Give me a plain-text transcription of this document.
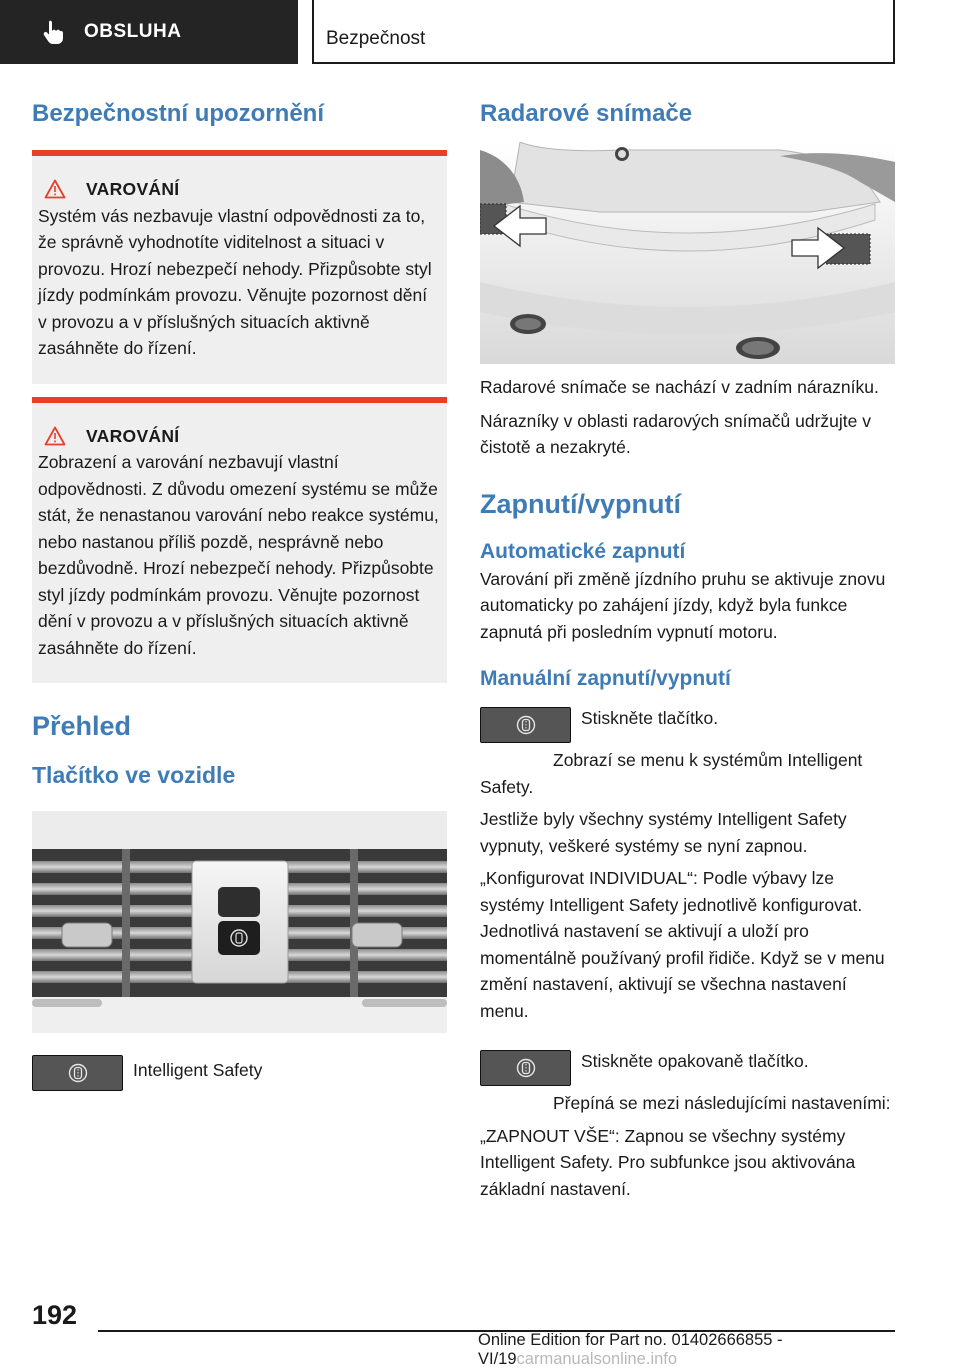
OBSLUHA	Bezpečnost
Bezpečnostní upozornění
VAROVÁNÍ
Systém vás nezbavuje vlastní odpovědnosti za to, že správně vyhodnotíte viditelnost a situaci v provozu. Hrozí nebezpečí nehody. Přizpůsobte styl jízdy podmínkám provozu. Věnujte pozornost dění v provozu a v příslušných situacích aktivně zasáhněte do řízení.
VAROVÁNÍ
Zobrazení a varování nezbavují vlastní odpovědnosti. Z důvodu omezení systému se může stát, že nenastanou varování nebo reakce systému, nebo nastanou příliš pozdě, nesprávně nebo bezdůvodně. Hrozí nebezpečí nehody. Přizpůsobte styl jízdy podmínkám provozu. Věnujte pozornost dění v provozu a v příslušných situacích aktivně zasáhněte do řízení.
Přehled
Tlačítko ve vozidle

Intelligent Safety

Radarové snímače

Radarové snímače se nachází v zadním nárazníku.

Nárazníky v oblasti radarových snímačů udržujte v čistotě a nezakryté.

Zapnutí/vypnutí
Automatické zapnutí

Varování při změně jízdního pruhu se aktivuje znovu automaticky po zahájení jízdy, když byla funkce zapnutá při posledním vypnutí motoru.

Manuální zapnutí/vypnutí

Stiskněte tlačítko.

Zobrazí se menu k systémům Intelligent Safety.

Jestliže byly všechny systémy Intelligent Safety vypnuty, veškeré systémy se nyní zapnou.

„Konfigurovat INDIVIDUAL“: Podle výbavy lze systémy Intelligent Safety jednotlivě konfigurovat. Jednotlivá nastavení se aktivují a uloží pro momentálně používaný profil řidiče. Když se v menu změní nastavení, aktivují se všechna nastavení menu.

Stiskněte opakovaně tlačítko.

Přepíná se mezi následujícími nastaveními:

„ZAPNOUT VŠE“: Zapnou se všechny systémy Intelligent Safety. Pro subfunkce jsou aktivována základní nastavení.

192
Online Edition for Part no. 01402666855 - VI/19carmanualsonline.info
